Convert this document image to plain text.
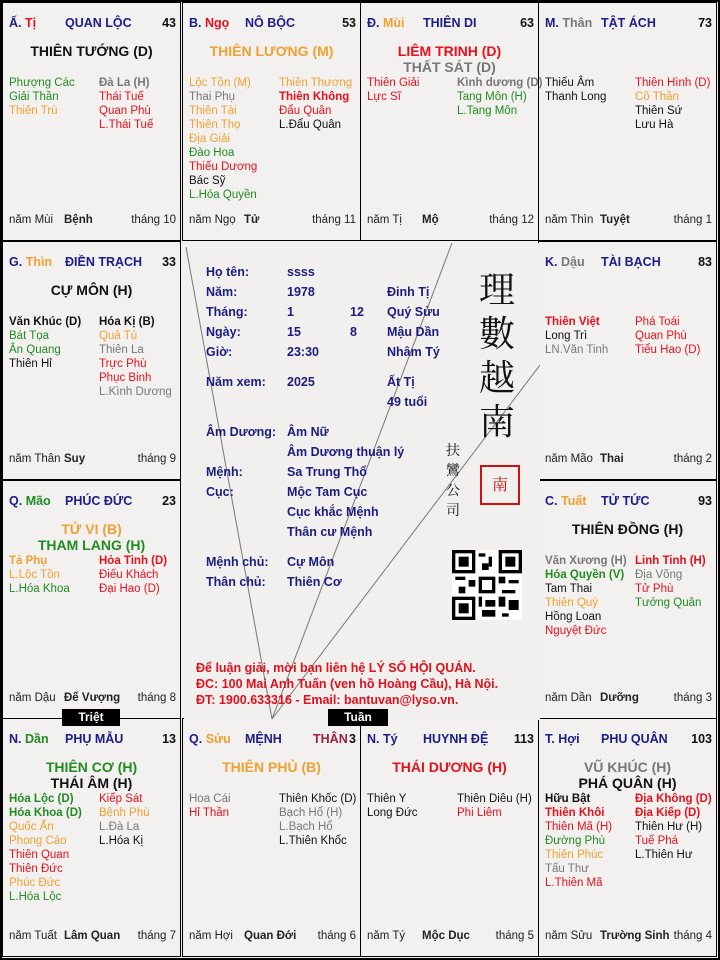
T. Hợi PHU QUÂN 103
VŨ KHÚC (H)
PHÁ QUÂN (H)
Hữu Bật
Thiên Khôi
Thiên Mã (H)
Đường Phù
Thiên Phúc
Tấu Thư
L.Thiên Mã
Địa Không (D)
Địa Kiếp (D)
Thiên Hư (H)
Tuế Phá
L.Thiên Hư
năm Sửu Trường Sinh tháng 4
N. Tý HUYNH ĐỆ 113
THÁI DƯƠNG (H)
Thiên Y
Long Đức
Thiên Diêu (H)
Phi Liêm
năm Tý Mộc Dục tháng 5
Q. Sửu MỆNH THÂN 3
THIÊN PHỦ (B)
Hoa Cái
Hỉ Thần
Thiên Khốc (D)
Bạch Hổ (H)
L.Bạch Hổ
L.Thiên Khốc
năm Hợi Quan Đới tháng 6
N. Dần PHỤ MẪU	13
THIÊN CƠ (H)
THÁI ÂM (H)
Hóa Lộc (D)
Hóa Khoa (D)
Quốc Ấn
Phong Cáo
Thiên Quan
Thiên Đức
Phúc Đức
L.Hóa Lộc
Kiếp Sát
Bệnh Phù
L.Đà La
L.Hóa Kị
năm Tuất Lâm Quan tháng 7
C. Tuất TỬ TỨC	93
THIÊN ĐỒNG (H)
Văn Xương (H)
Hóa Quyền (V)
Tam Thai
Thiên Quý
Hồng Loan
Nguyệt Đức
Linh Tinh (H)
Địa Võng
Tử Phù
Tướng Quân
năm Dần Dưỡng	tháng 3
Q. Mão PHÚC ĐỨC 23
TỬ VI (B)
THAM LANG (H)
Tả Phụ
L.Lộc Tồn
L.Hóa Khoa
Hỏa Tinh (D)
Điếu Khách
Đại Hao (D)
năm Dậu Đế Vượng tháng 8
K. Dậu TÀI BẠCH	83
Thiên Việt
Long Trì
LN.Văn Tinh
Phá Toái
Quan Phù
Tiểu Hao (D)
năm Mão Thai	tháng 2
G. Thìn ĐIỀN TRẠCH 33
CỰ MÔN (H)
Văn Khúc (D)
Bát Tọa
Ân Quang
Thiên Hỉ
Hóa Kị (B)
Quả Tú
Thiên La
Trực Phù
Phục Binh
L.Kình Dương
năm Thân Suy	tháng 9
M. Thân TẬT ÁCH	73
Thiếu Âm
Thanh Long
Thiên Hình (D)
Cô Thần
Thiên Sứ
Lưu Hà
năm Thìn Tuyệt	tháng 1
Đ. Mùi THIÊN DI	63
LIÊM TRINH (D)
THẤT SÁT (D)
Thiên Giải
Lực Sĩ
Kình dương (D)
Tang Môn (H)
L.Tang Môn
năm Tị Mộ	tháng 12
B. Ngọ NÔ BỘC	53
THIÊN LƯƠNG (M)
Lộc Tồn (M)
Thai Phụ
Thiên Tài
Thiên Thọ
Địa Giải
Đào Hoa
Thiếu Dương
Bác Sỹ
L.Hóa Quyền
Thiên Thương
Thiên Không
Đẩu Quân
L.Đẩu Quân
năm Ngọ Tử	tháng 11
Ấ. Tị QUAN LỘC 43
THIÊN TƯỚNG (D)
Phượng Các
Giải Thần
Thiên Trù
Đà La (H)
Thái Tuế
Quan Phù
L.Thái Tuế
năm Mùi Bệnh	tháng 10
Họ tên:	ssss
Năm:	1978	Đinh Tị
Tháng:	1	12 Quý Sửu
Ngày:	15	8 Mậu Dần
Giờ:	23:30	Nhâm Tý
Năm xem: 2025	Ất Tị
49 tuổi
Âm Dương: Âm Nữ
Âm Dương thuận lý
Mệnh:	Sa Trung Thổ
Cục:	Mộc Tam Cục
Cục khắc Mệnh
Thân cư Mệnh
Mệnh chủ: Cự Môn
Thân chủ: Thiên Cơ
理數越南
扶鸞公司
南
Để luận giải, mời bạn liên hệ LÝ SỐ HỘI QUÁN.
ĐC: 100 Mai Anh Tuấn (ven hồ Hoàng Cầu), Hà Nội.
ĐT: 1900.633316 - Email: bantuvan@lyso.vn.
Triệt	Tuần
